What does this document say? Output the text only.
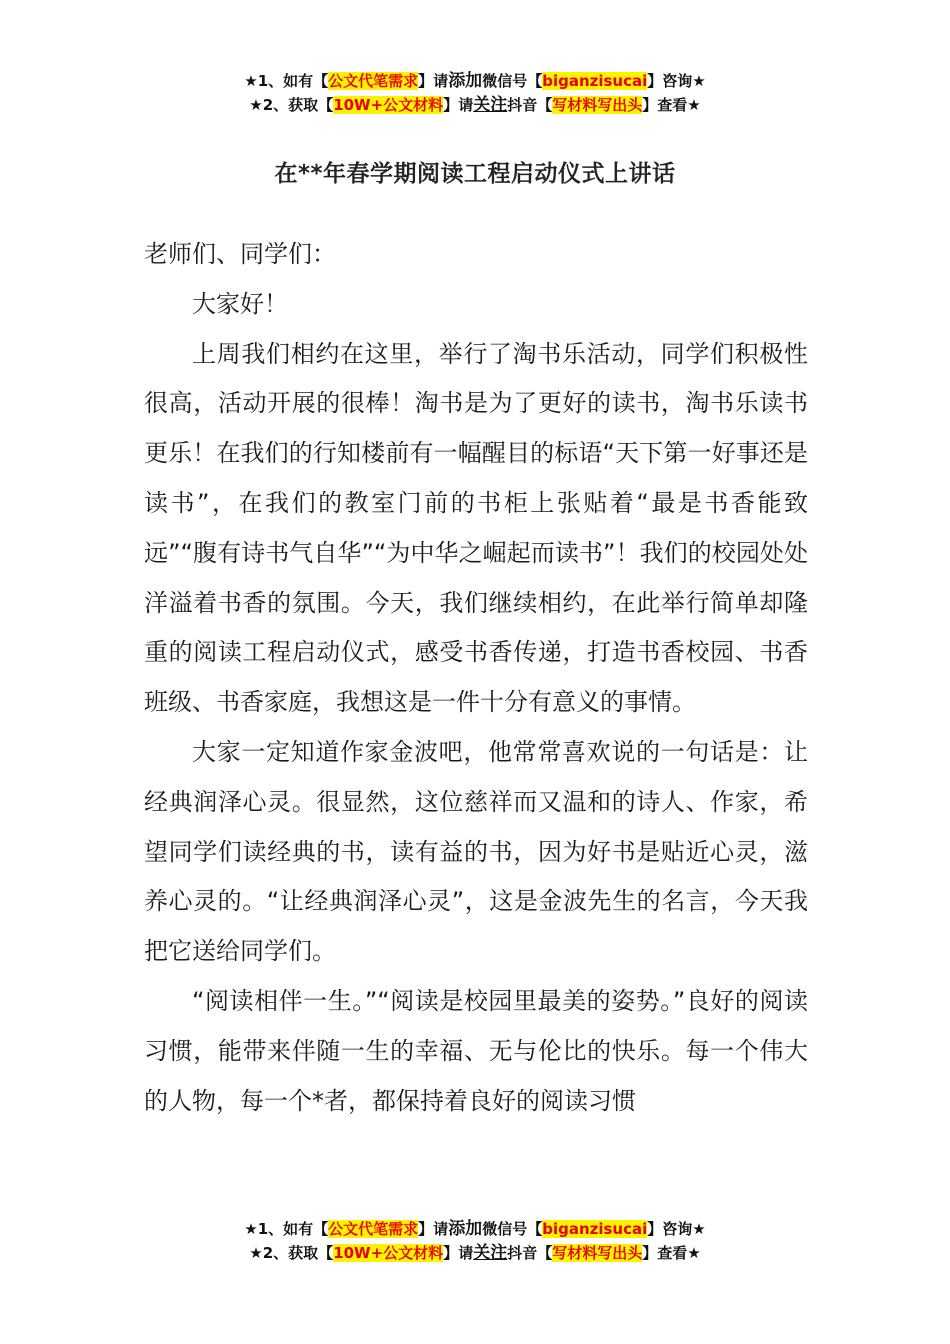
★1、如有【公文代笔需求】请添加微信号【biganzisucai】咨询★
★2、获取【10W+公文材料】请关注抖音【写材料写出头】查看★
在**年春学期阅读工程启动仪式上讲话

老师们、同学们：

大家好！

上周我们相约在这里，举行了淘书乐活动，同学们积极性很高，活动开展的很棒！淘书是为了更好的读书，淘书乐读书更乐！在我们的行知楼前有一幅醒目的标语“天下第一好事还是读书”，在我们的教室门前的书柜上张贴着“最是书香能致远”“腹有诗书气自华”“为中华之崛起而读书”！我们的校园处处洋溢着书香的氛围。今天，我们继续相约，在此举行简单却隆重的阅读工程启动仪式，感受书香传递，打造书香校园、书香班级、书香家庭，我想这是一件十分有意义的事情。

大家一定知道作家金波吧，他常常喜欢说的一句话是：让经典润泽心灵。很显然，这位慈祥而又温和的诗人、作家，希望同学们读经典的书，读有益的书，因为好书是贴近心灵，滋养心灵的。“让经典润泽心灵”，这是金波先生的名言，今天我把它送给同学们。

“阅读相伴一生。”“阅读是校园里最美的姿势。”良好的阅读习惯，能带来伴随一生的幸福、无与伦比的快乐。每一个伟大的人物，每一个*者，都保持着良好的阅读习惯

★1、如有【公文代笔需求】请添加微信号【biganzisucai】咨询★
★2、获取【10W+公文材料】请关注抖音【写材料写出头】查看★
